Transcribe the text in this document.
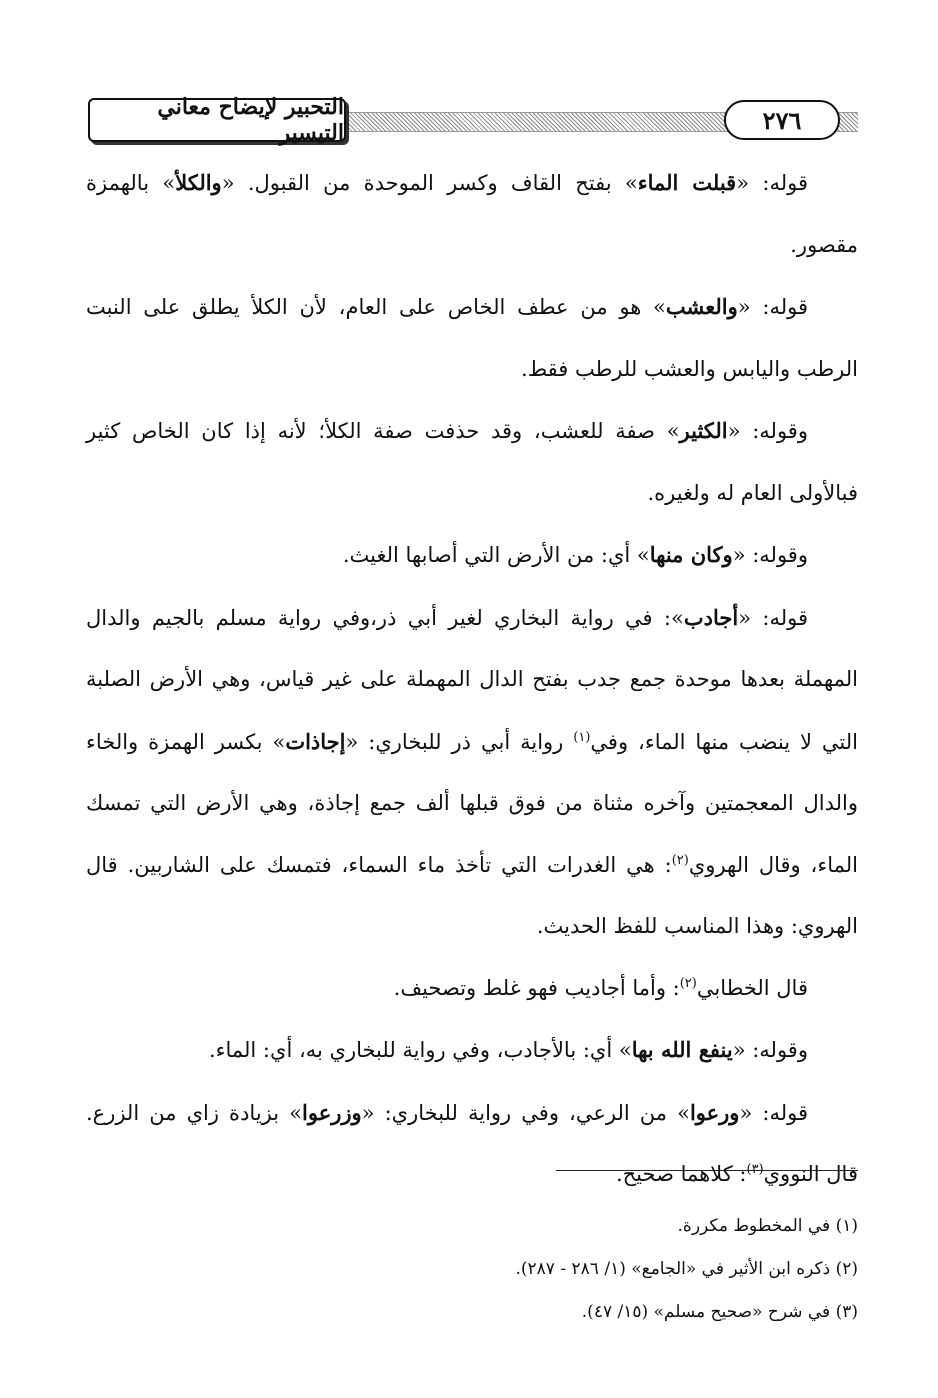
التحبير لإيضاح معاني التيسير	٢٧٦

قوله: «قبلت الماء» بفتح القاف وكسر الموحدة من القبول. «والكلأ» بالهمزة مقصور.

قوله: «والعشب» هو من عطف الخاص على العام، لأن الكلأ يطلق على النبت الرطب واليابس والعشب للرطب فقط.

وقوله: «الكثير» صفة للعشب، وقد حذفت صفة الكلأ؛ لأنه إذا كان الخاص كثير فبالأولى العام له ولغيره.

وقوله: «وكان منها» أي: من الأرض التي أصابها الغيث.

قوله: «أجادب»: في رواية البخاري لغير أبي ذر،وفي رواية مسلم بالجيم والدال المهملة بعدها موحدة جمع جدب بفتح الدال المهملة على غير قياس، وهي الأرض الصلبة التي لا ينضب منها الماء، وفي$^{(١)}$ رواية أبي ذر للبخاري: «إجاذات» بكسر الهمزة والخاء والدال المعجمتين وآخره مثناة من فوق قبلها ألف جمع إجاذة، وهي الأرض التي تمسك الماء، وقال الهروي$^{(٢)}$: هي الغدرات التي تأخذ ماء السماء، فتمسك على الشاربين. قال الهروي: وهذا المناسب للفظ الحديث.

قال الخطابي$^{(٢)}$: وأما أجاديب فهو غلط وتصحيف.

وقوله: «ينفع الله بها» أي: بالأجادب، وفي رواية للبخاري به، أي: الماء.

قوله: «ورعوا» من الرعي، وفي رواية للبخاري: «وزرعوا» بزيادة زاي من الزرع. قال النووي$^{(٣)}$: كلاهما صحيح.

(١) في المخطوط مكررة.

(٢) ذكره ابن الأثير في «الجامع» (١/ ٢٨٦ - ٢٨٧).

(٣) في شرح «صحيح مسلم» (١٥/ ٤٧).
